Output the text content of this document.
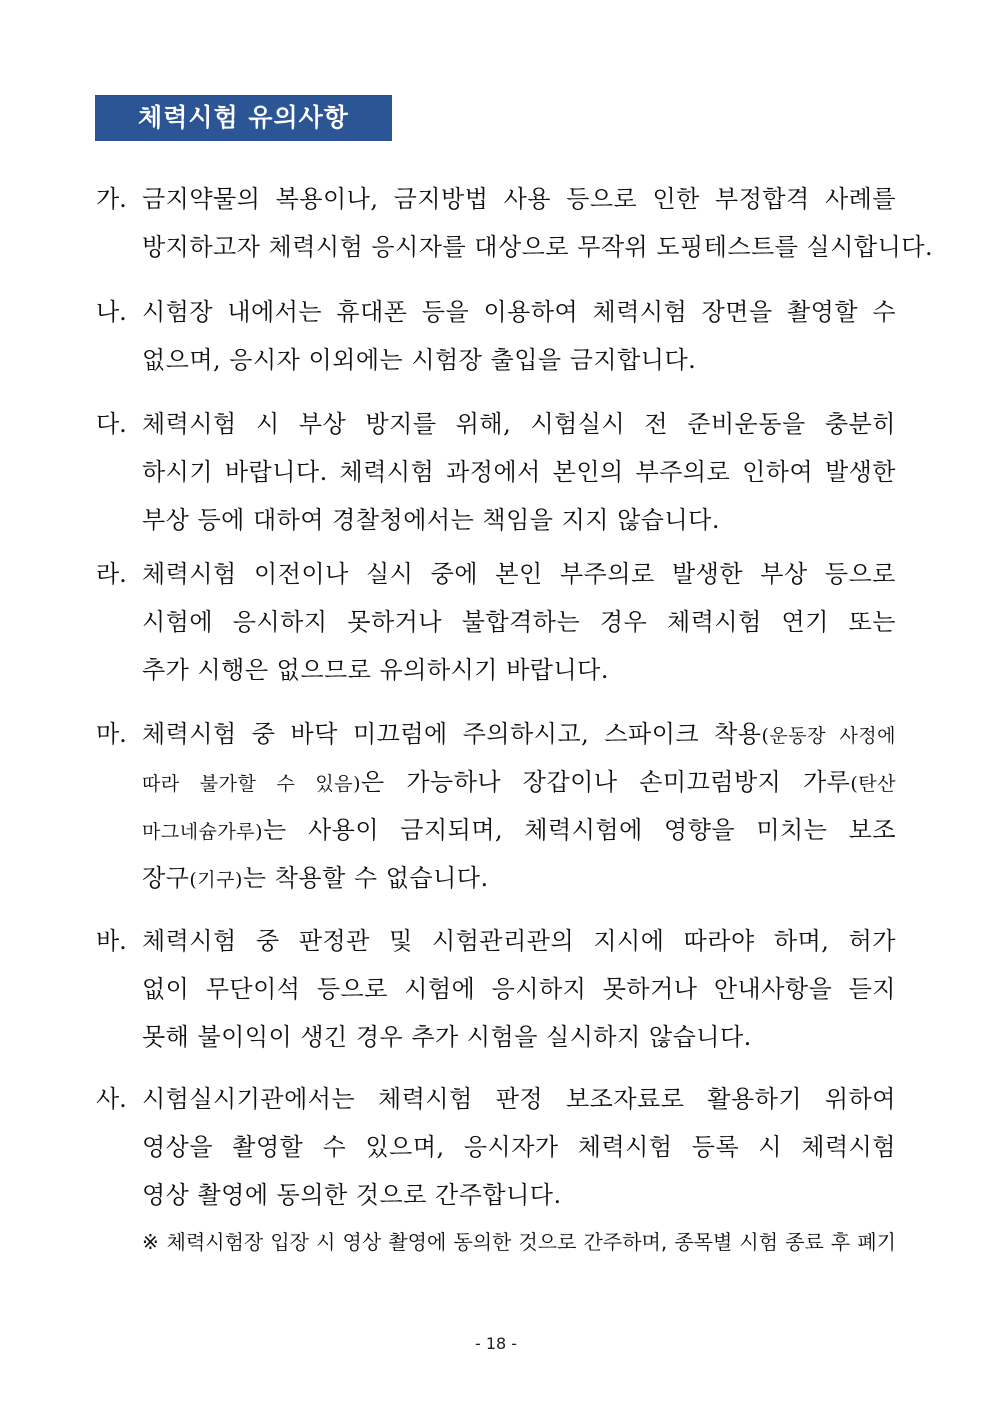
체력시험 유의사항
가. 금지약물의 복용이나, 금지방법 사용 등으로 인한 부정합격 사례를
방지하고자 체력시험 응시자를 대상으로 무작위 도핑테스트를 실시합니다.
나. 시험장 내에서는 휴대폰 등을 이용하여 체력시험 장면을 촬영할 수
없으며, 응시자 이외에는 시험장 출입을 금지합니다.
다. 체력시험 시 부상 방지를 위해, 시험실시 전 준비운동을 충분히
하시기 바랍니다. 체력시험 과정에서 본인의 부주의로 인하여 발생한
부상 등에 대하여 경찰청에서는 책임을 지지 않습니다.
라. 체력시험 이전이나 실시 중에 본인 부주의로 발생한 부상 등으로
시험에 응시하지 못하거나 불합격하는 경우 체력시험 연기 또는
추가 시행은 없으므로 유의하시기 바랍니다.
마. 체력시험 중 바닥 미끄럼에 주의하시고, 스파이크 착용(운동장 사정에
따라 불가할 수 있음)은 가능하나 장갑이나 손미끄럼방지 가루(탄산
마그네슘가루)는 사용이 금지되며, 체력시험에 영향을 미치는 보조
장구(기구)는 착용할 수 없습니다.
바. 체력시험 중 판정관 및 시험관리관의 지시에 따라야 하며, 허가
없이 무단이석 등으로 시험에 응시하지 못하거나 안내사항을 듣지
못해 불이익이 생긴 경우 추가 시험을 실시하지 않습니다.
사. 시험실시기관에서는 체력시험 판정 보조자료로 활용하기 위하여
영상을 촬영할 수 있으며, 응시자가 체력시험 등록 시 체력시험
영상 촬영에 동의한 것으로 간주합니다.
※ 체력시험장 입장 시 영상 촬영에 동의한 것으로 간주하며, 종목별 시험 종료 후 폐기
- 18 -
